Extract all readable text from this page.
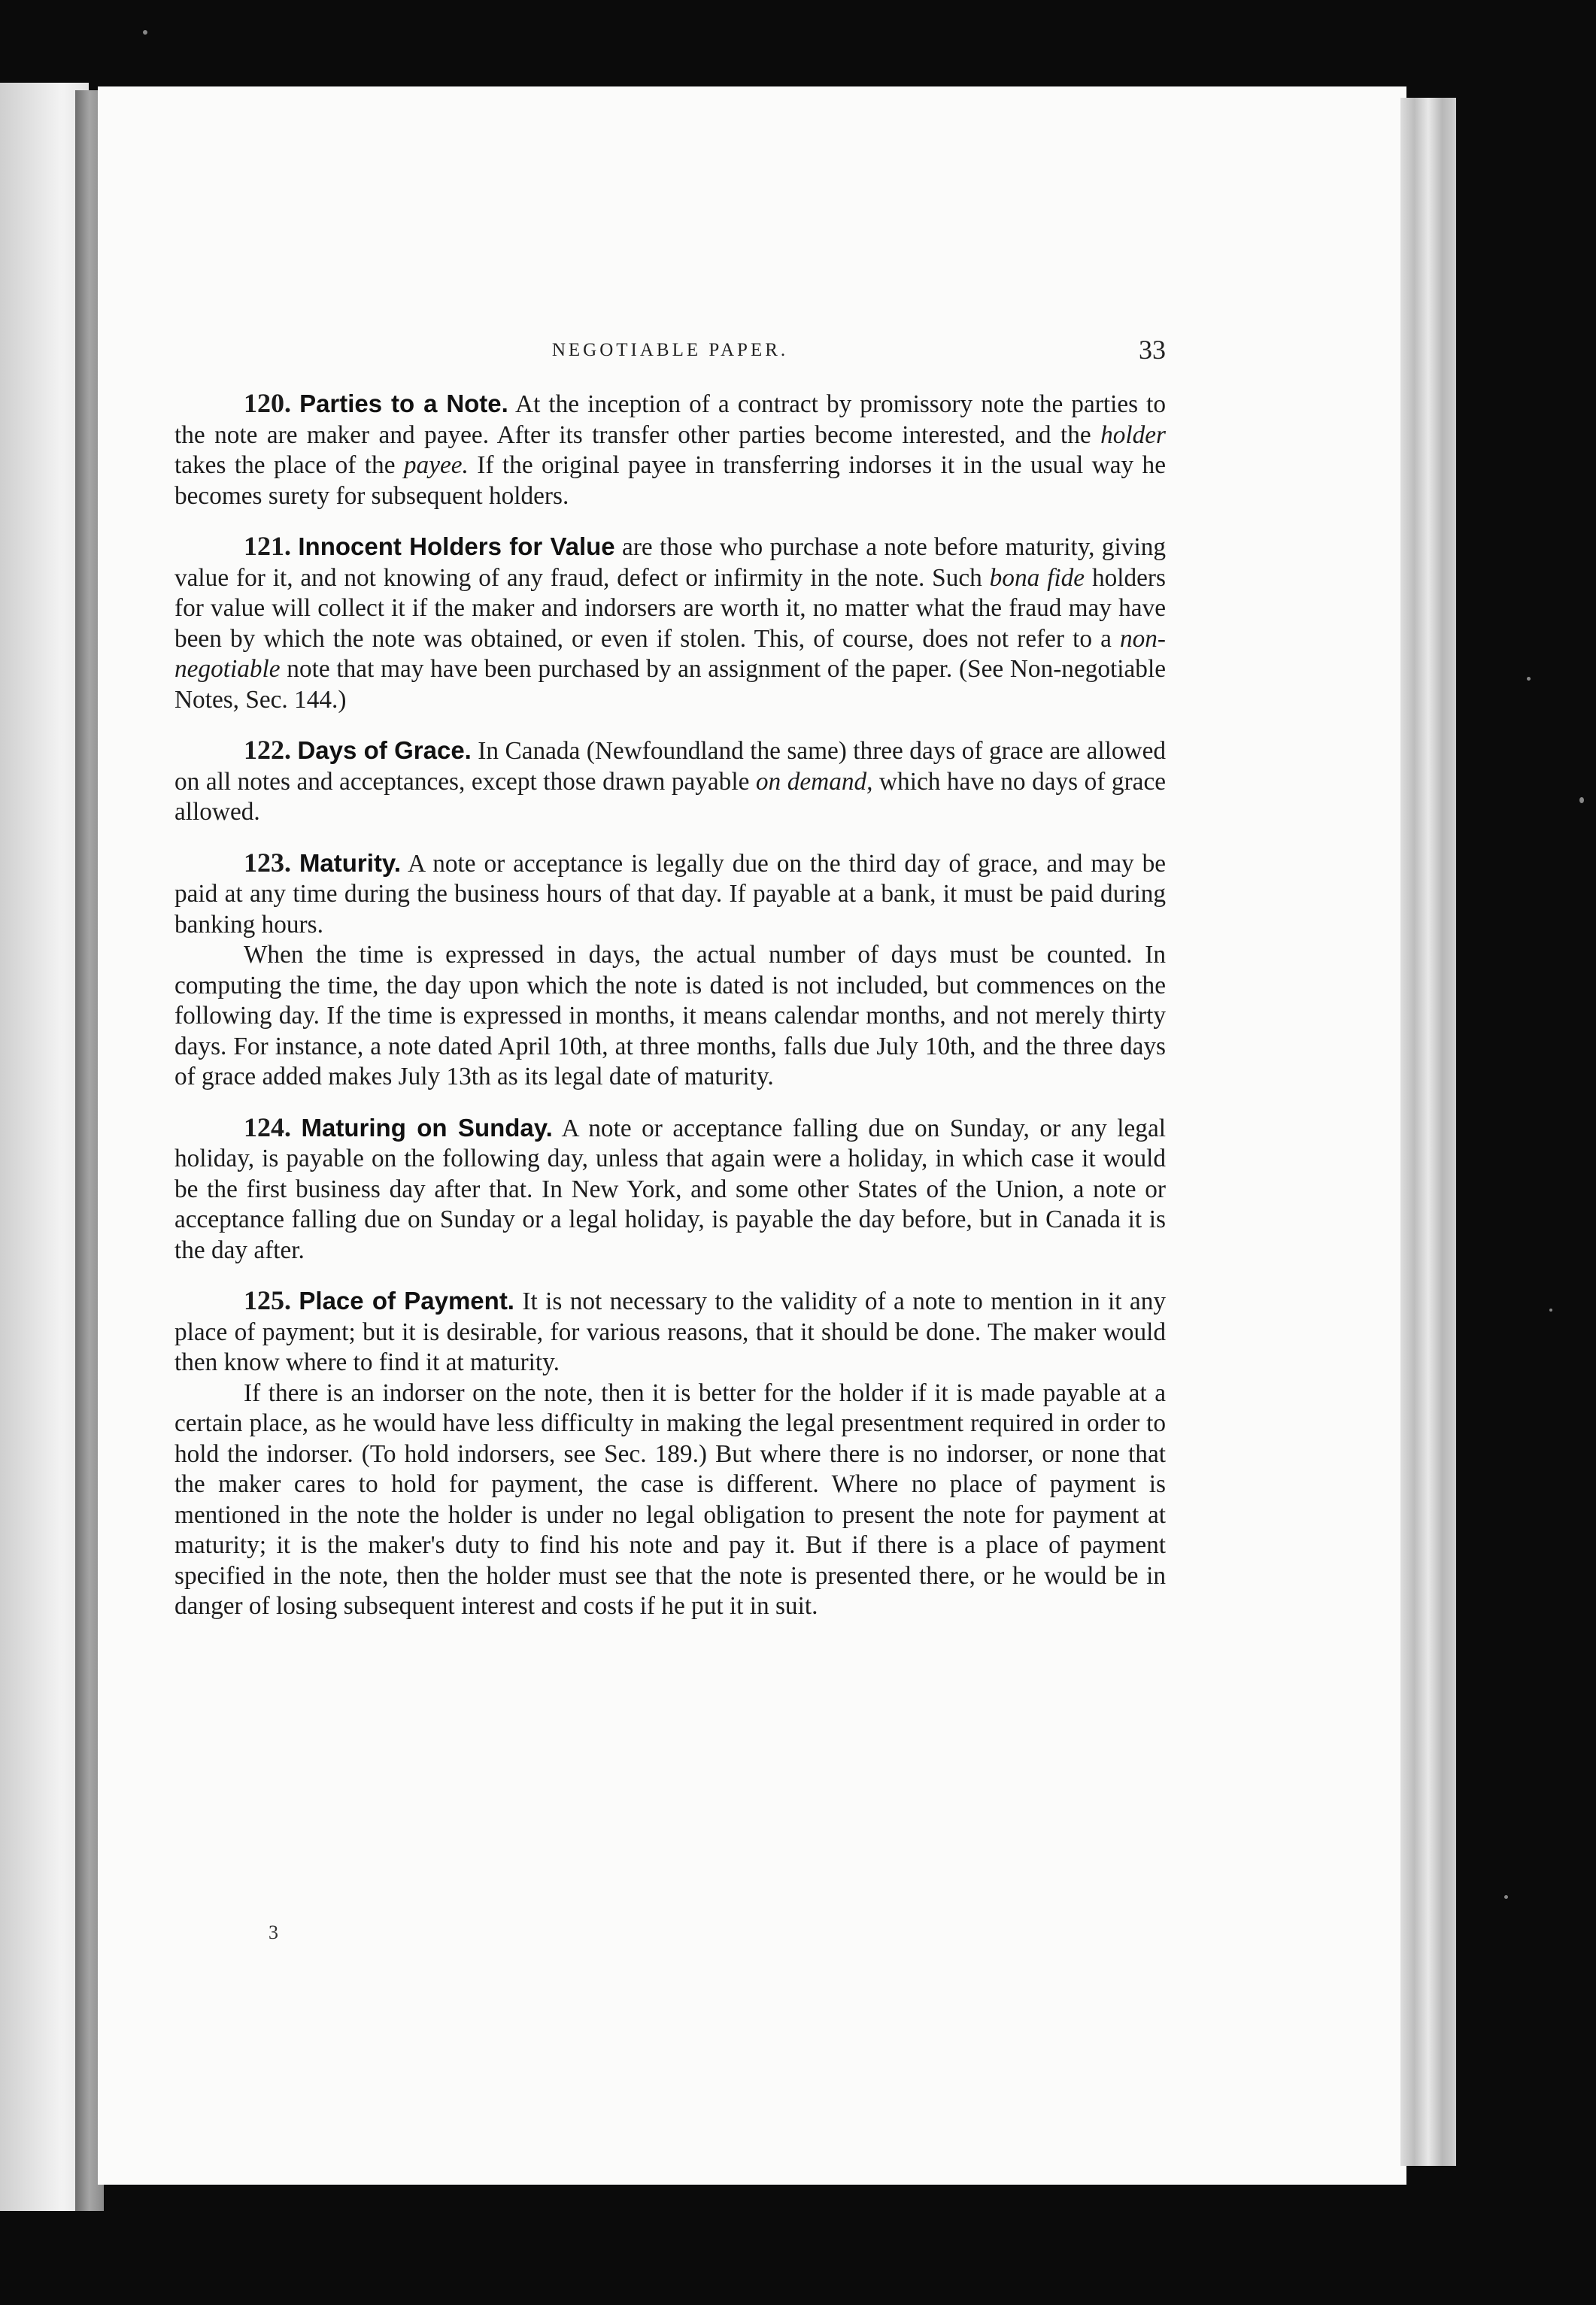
NEGOTIABLE PAPER.	33

120. Parties to a Note. At the inception of a contract by promissory note the parties to the note are maker and payee. After its transfer other parties become interested, and the holder takes the place of the payee. If the original payee in transferring indorses it in the usual way he becomes surety for subsequent holders.

121. Innocent Holders for Value are those who purchase a note before maturity, giving value for it, and not knowing of any fraud, defect or infirmity in the note. Such bona fide holders for value will collect it if the maker and indorsers are worth it, no matter what the fraud may have been by which the note was obtained, or even if stolen. This, of course, does not refer to a non-negotiable note that may have been purchased by an assignment of the paper. (See Non-negotiable Notes, Sec. 144.)

122. Days of Grace. In Canada (Newfoundland the same) three days of grace are allowed on all notes and acceptances, except those drawn payable on demand, which have no days of grace allowed.

123. Maturity. A note or acceptance is legally due on the third day of grace, and may be paid at any time during the business hours of that day. If payable at a bank, it must be paid during banking hours.

When the time is expressed in days, the actual number of days must be counted. In computing the time, the day upon which the note is dated is not included, but commences on the following day. If the time is expressed in months, it means calendar months, and not merely thirty days. For instance, a note dated April 10th, at three months, falls due July 10th, and the three days of grace added makes July 13th as its legal date of maturity.

124. Maturing on Sunday. A note or acceptance falling due on Sunday, or any legal holiday, is payable on the following day, unless that again were a holiday, in which case it would be the first business day after that. In New York, and some other States of the Union, a note or acceptance falling due on Sunday or a legal holiday, is payable the day before, but in Canada it is the day after.

125. Place of Payment. It is not necessary to the validity of a note to mention in it any place of payment; but it is desirable, for various reasons, that it should be done. The maker would then know where to find it at maturity.

If there is an indorser on the note, then it is better for the holder if it is made payable at a certain place, as he would have less difficulty in making the legal presentment required in order to hold the indorser. (To hold indorsers, see Sec. 189.) But where there is no indorser, or none that the maker cares to hold for payment, the case is different. Where no place of payment is mentioned in the note the holder is under no legal obligation to present the note for payment at maturity; it is the maker's duty to find his note and pay it. But if there is a place of payment specified in the note, then the holder must see that the note is presented there, or he would be in danger of losing subsequent interest and costs if he put it in suit.

3
